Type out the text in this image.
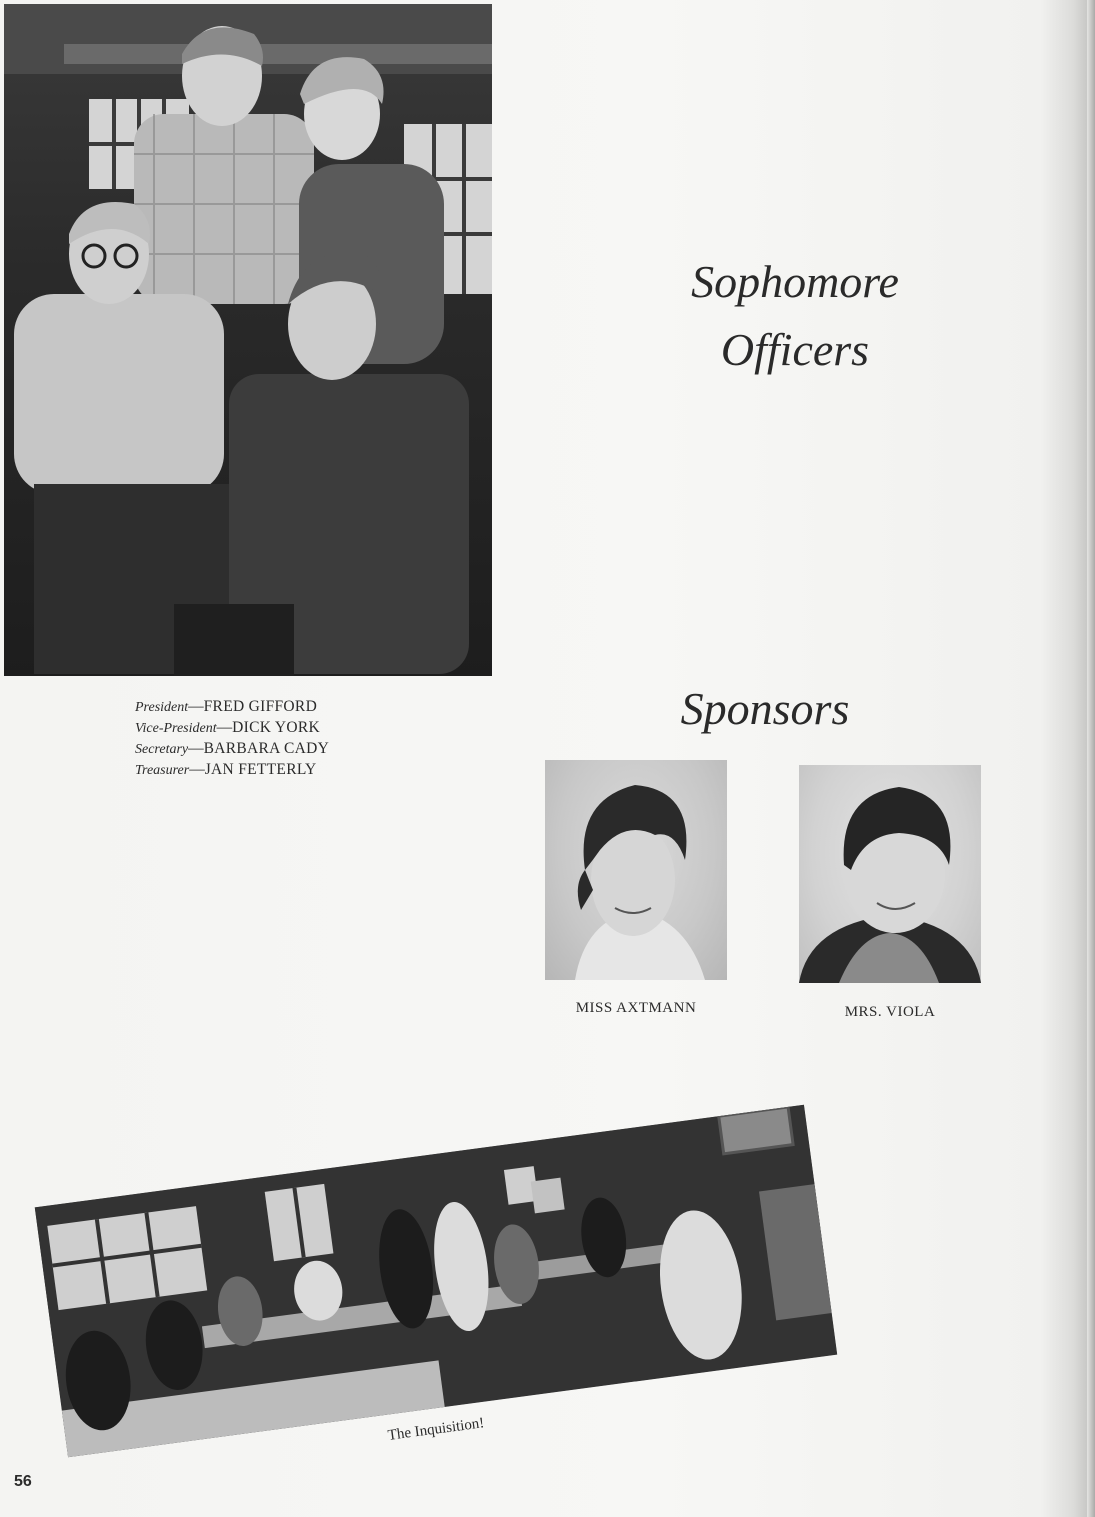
Sophomore
Officers
President—FRED GIFFORD
Vice-President—DICK YORK
Secretary—BARBARA CADY
Treasurer—JAN FETTERLY
Sponsors
MISS AXTMANN	MRS. VIOLA
The Inquisition!
56
